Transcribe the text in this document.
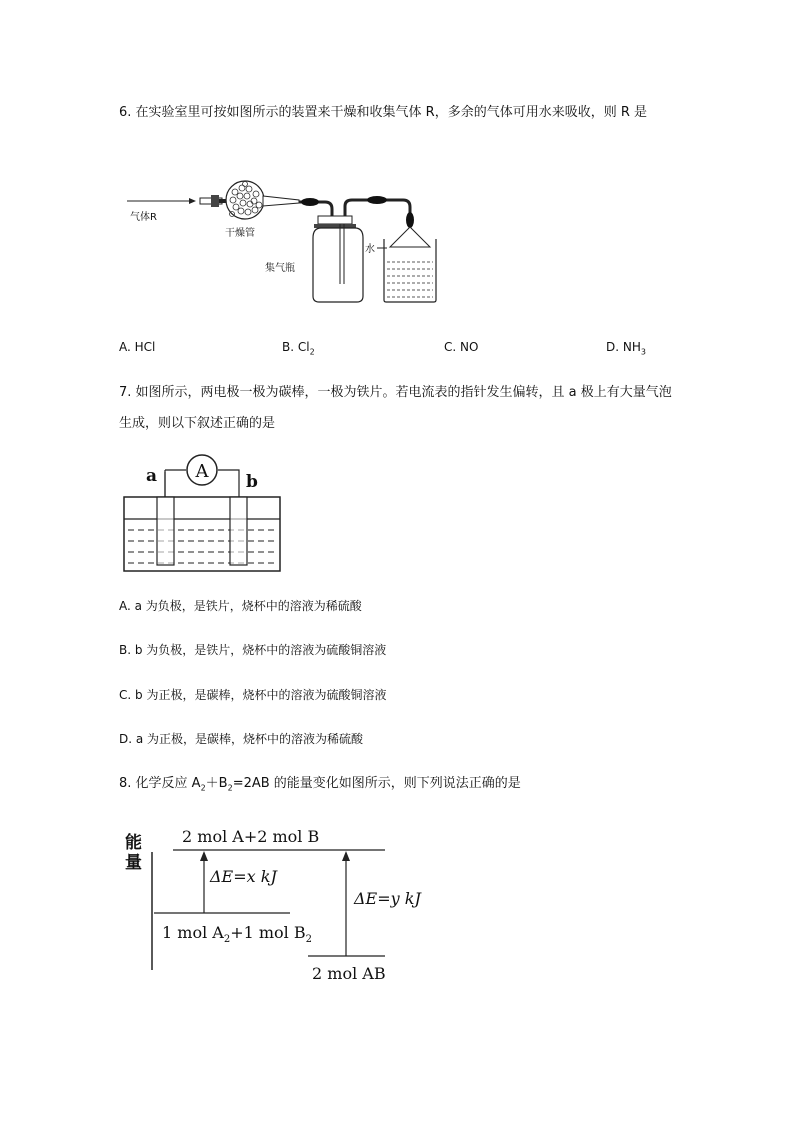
6. 在实验室里可按如图所示的装置来干燥和收集气体 R，多余的气体可用水来吸收，则 R 是
气体R
干燥管
集气瓶
水
A. HCl	B. $Cl_2$	C. NO	D. $NH_3$
7. 如图所示，两电极一极为碳棒，一极为铁片。若电流表的指针发生偏转，且 a 极上有大量气泡生成，则以下叙述正确的是
a	b
A
A. a 为负极，是铁片，烧杯中的溶液为稀硫酸
B. b 为负极，是铁片，烧杯中的溶液为硫酸铜溶液
C. b 为正极，是碳棒，烧杯中的溶液为硫酸铜溶液
D. a 为正极，是碳棒，烧杯中的溶液为稀硫酸
8. 化学反应 $A_2+B_2=2AB$ 的能量变化如图所示，则下列说法正确的是
能量
2 mol A+2 mol B
ΔE=x kJ
ΔE=y kJ
1 mol $A_2+1$ mol $B_2$
2 mol AB
